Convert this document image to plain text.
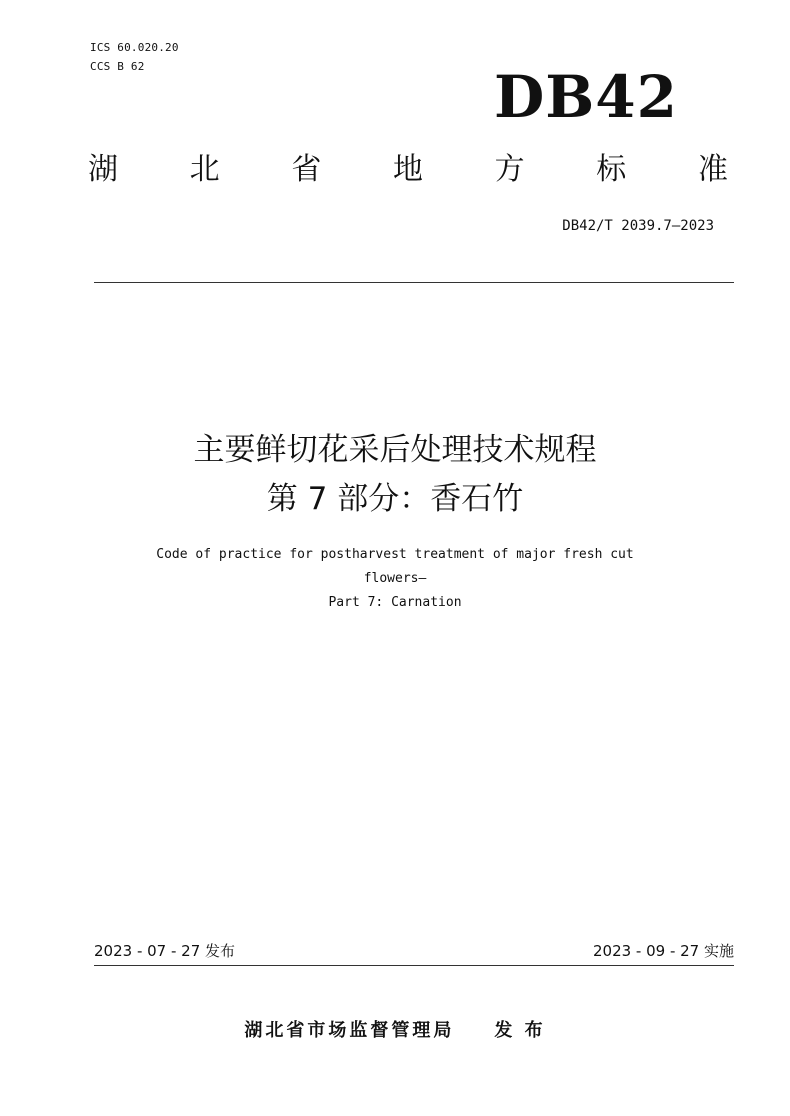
ICS 60.020.20
CCS B 62	DB42
湖 北 省 地 方 标 准
DB42/T 2039.7—2023
主要鲜切花采后处理技术规程
第 7 部分：香石竹
Code of practice for postharvest treatment of major fresh cut
flowers—
Part 7: Carnation
2023 - 07 - 27 发布	2023 - 09 - 27 实施
湖北省市场监督管理局 发 布
